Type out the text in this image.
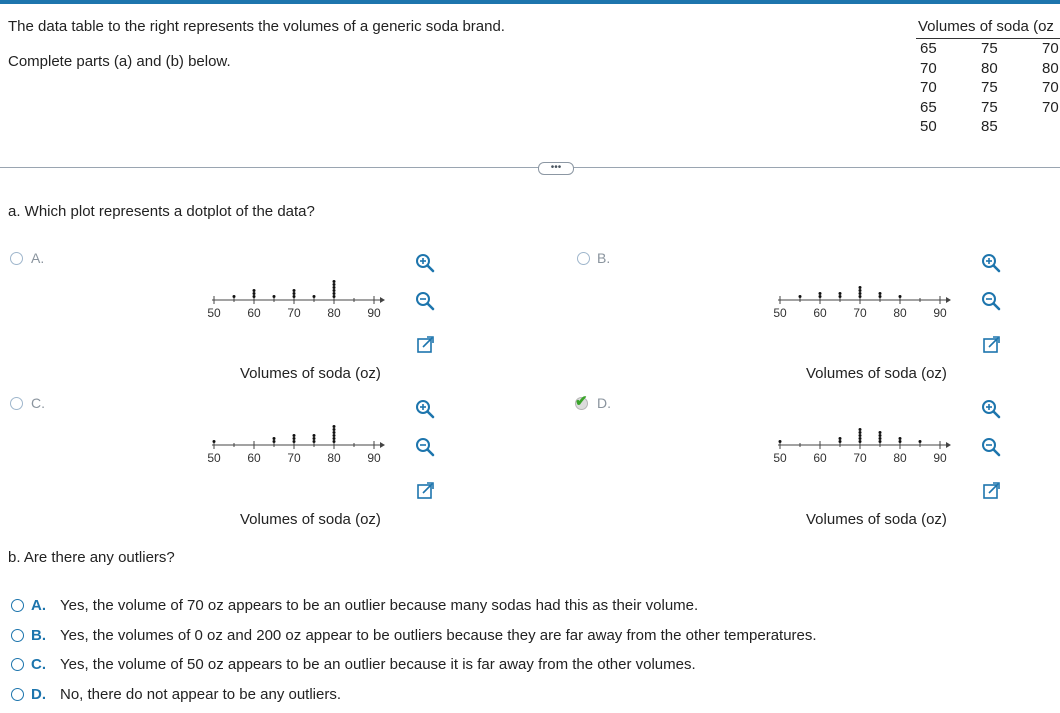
The data table to the right represents the volumes of a generic soda brand.
Complete parts (a) and (b) below.
Volumes of soda (oz
65
70
70
65
50
75
80
75
75
85
70
80
70
70
•••
a. Which plot represents a dotplot of the data?
A.
50 60 70 80 90
Volumes of soda (oz)
B.
50 60 70 80 90
Volumes of soda (oz)
C.
50 60 70 80 90
Volumes of soda (oz)
✔ D.
50 60 70 80 90
Volumes of soda (oz)
b. Are there any outliers?
A. Yes, the volume of 70 oz appears to be an outlier because many sodas had this as their volume.
B. Yes, the volumes of 0 oz and 200 oz appear to be outliers because they are far away from the other temperatures.
C. Yes, the volume of 50 oz appears to be an outlier because it is far away from the other volumes.
D. No, there do not appear to be any outliers.
